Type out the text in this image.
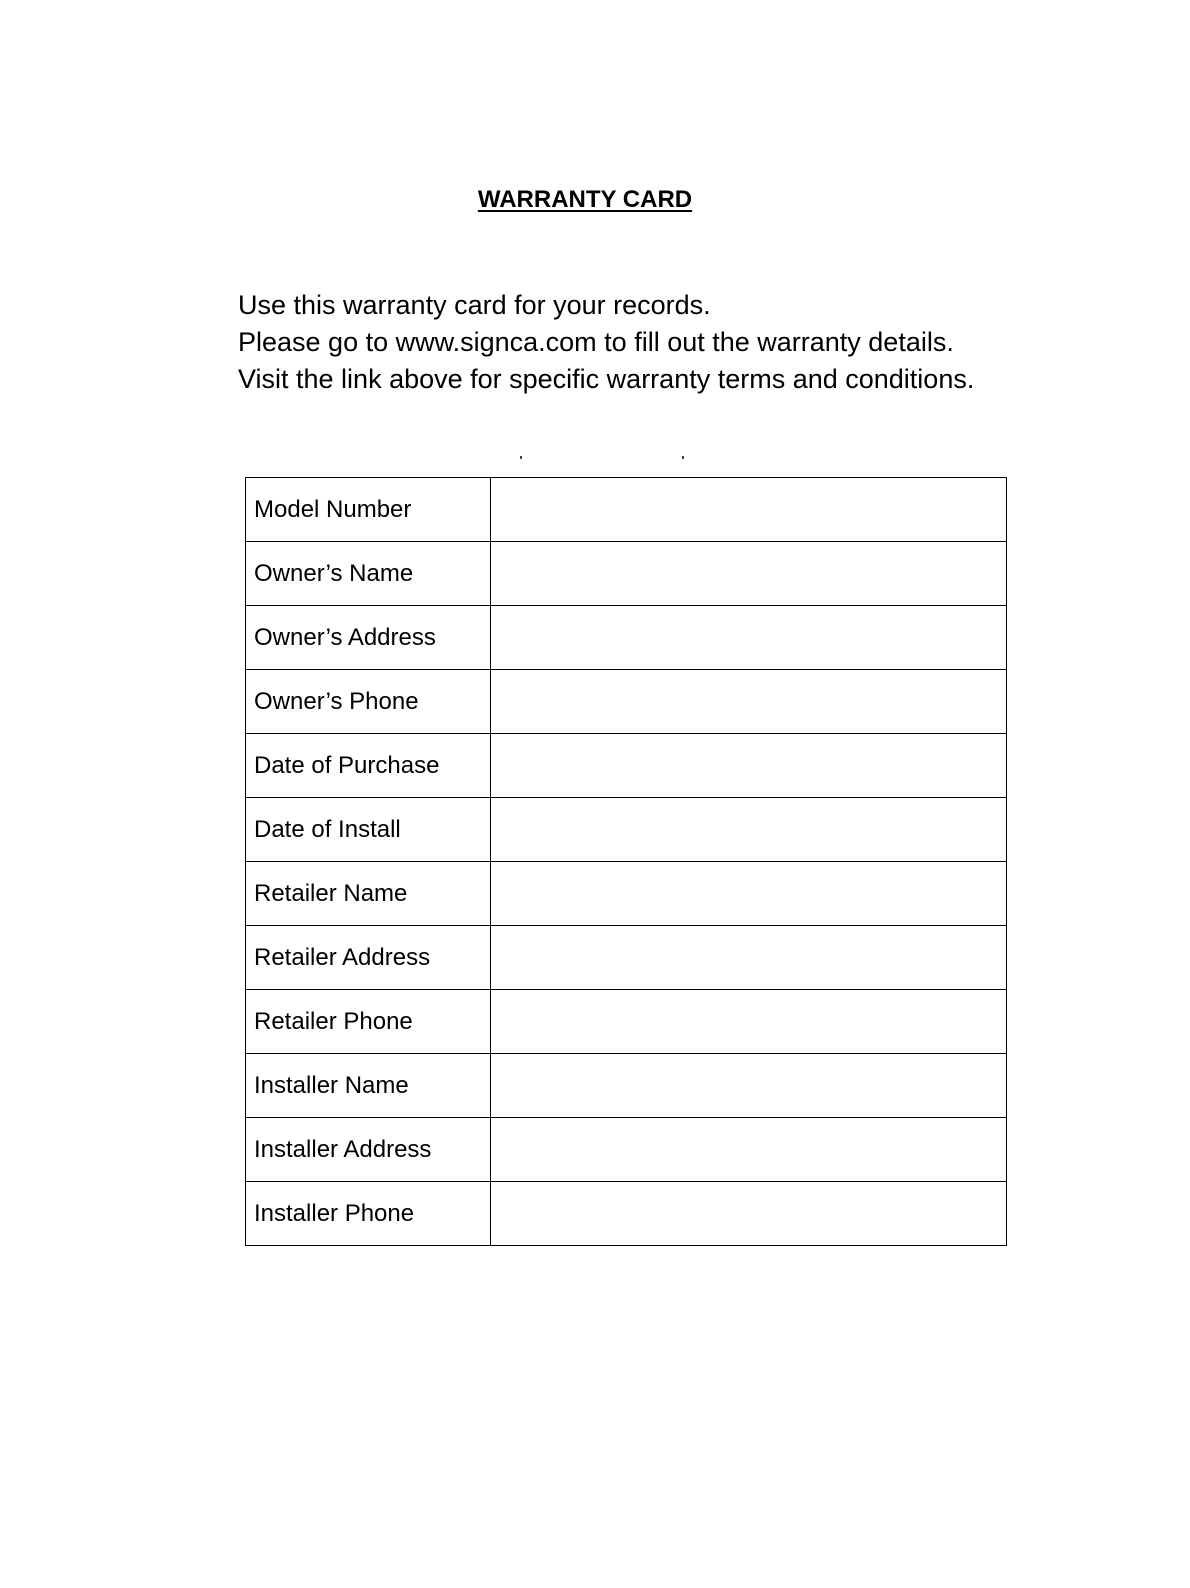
WARRANTY CARD
Use this warranty card for your records.
Please go to www.signca.com to fill out the warranty details.
Visit the link above for specific warranty terms and conditions.
Model Number	
Owner’s Name	
Owner’s Address	
Owner’s Phone	
Date of Purchase	
Date of Install	
Retailer Name	
Retailer Address	
Retailer Phone	
Installer Name	
Installer Address	
Installer Phone	
